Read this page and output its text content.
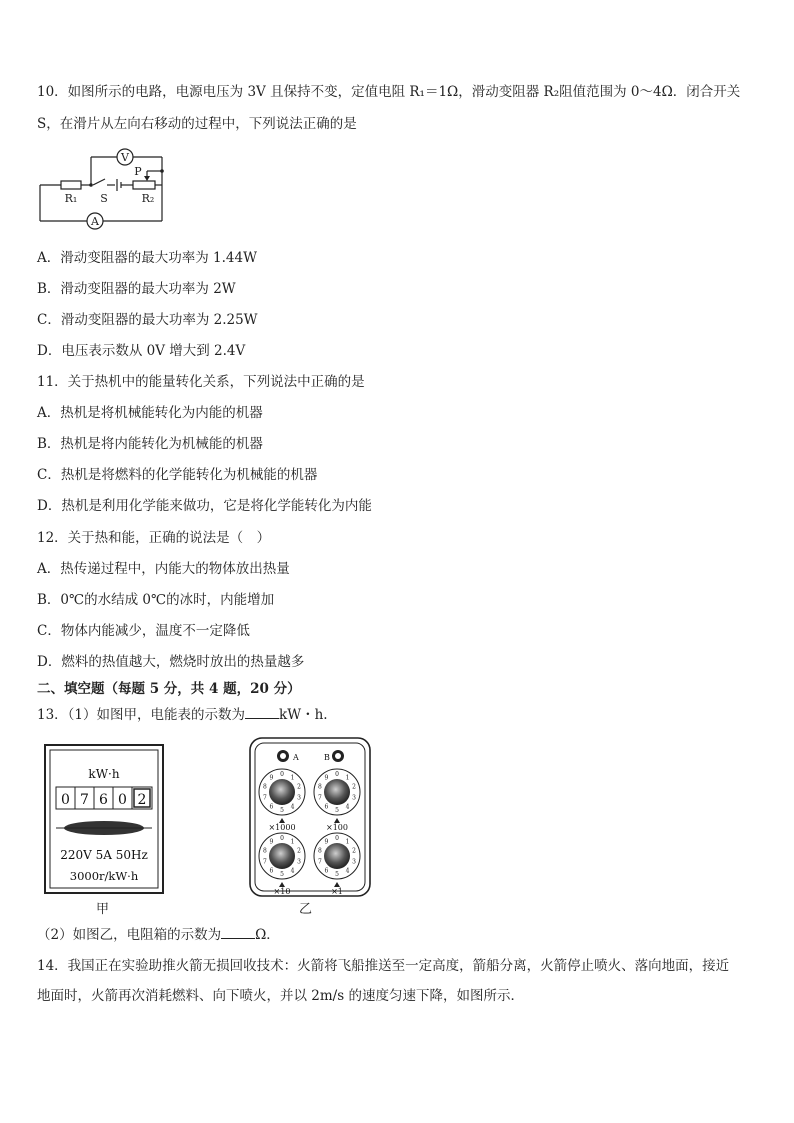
10．如图所示的电路，电源电压为 3V 且保持不变，定值电阻 R₁＝1Ω，滑动变阻器 R₂阻值范围为 0～4Ω．闭合开关
S，在滑片从左向右移动的过程中，下列说法正确的是
V
A
R₁ S	R₂
P
A．滑动变阻器的最大功率为 1.44W
B．滑动变阻器的最大功率为 2W
C．滑动变阻器的最大功率为 2.25W
D．电压表示数从 0V 增大到 2.4V
11．关于热机中的能量转化关系，下列说法中正确的是
A．热机是将机械能转化为内能的机器
B．热机是将内能转化为机械能的机器
C．热机是将燃料的化学能转化为机械能的机器
D．热机是利用化学能来做功，它是将化学能转化为内能
12．关于热和能，正确的说法是（　）
A．热传递过程中，内能大的物体放出热量
B．0℃的水结成 0℃的冰时，内能增加
C．物体内能减少，温度不一定降低
D．燃料的热值越大，燃烧时放出的热量越多
二、填空题（每题 5 分，共 4 题，20 分）
13．（1）如图甲，电能表的示数为	kW・h.
kW·h
0 7 6 0 2
220V 5A 50Hz
3000r/kW·h
甲
A	B
0 1
2
3
4
5
6
7
8
9	0 1
2
3
4
5
6
7
8
9
0 1
2
3
4
5
6
7
8
9	0 1
2
3
4
5
6
7
8
9
×1000	×100
×10	×1
乙
（2）如图乙，电阻箱的示数为	Ω．
14．我国正在实验助推火箭无损回收技术：火箭将飞船推送至一定高度，箭船分离，火箭停止喷火、落向地面，接近
地面时，火箭再次消耗燃料、向下喷火，并以 2m/s 的速度匀速下降，如图所示．
